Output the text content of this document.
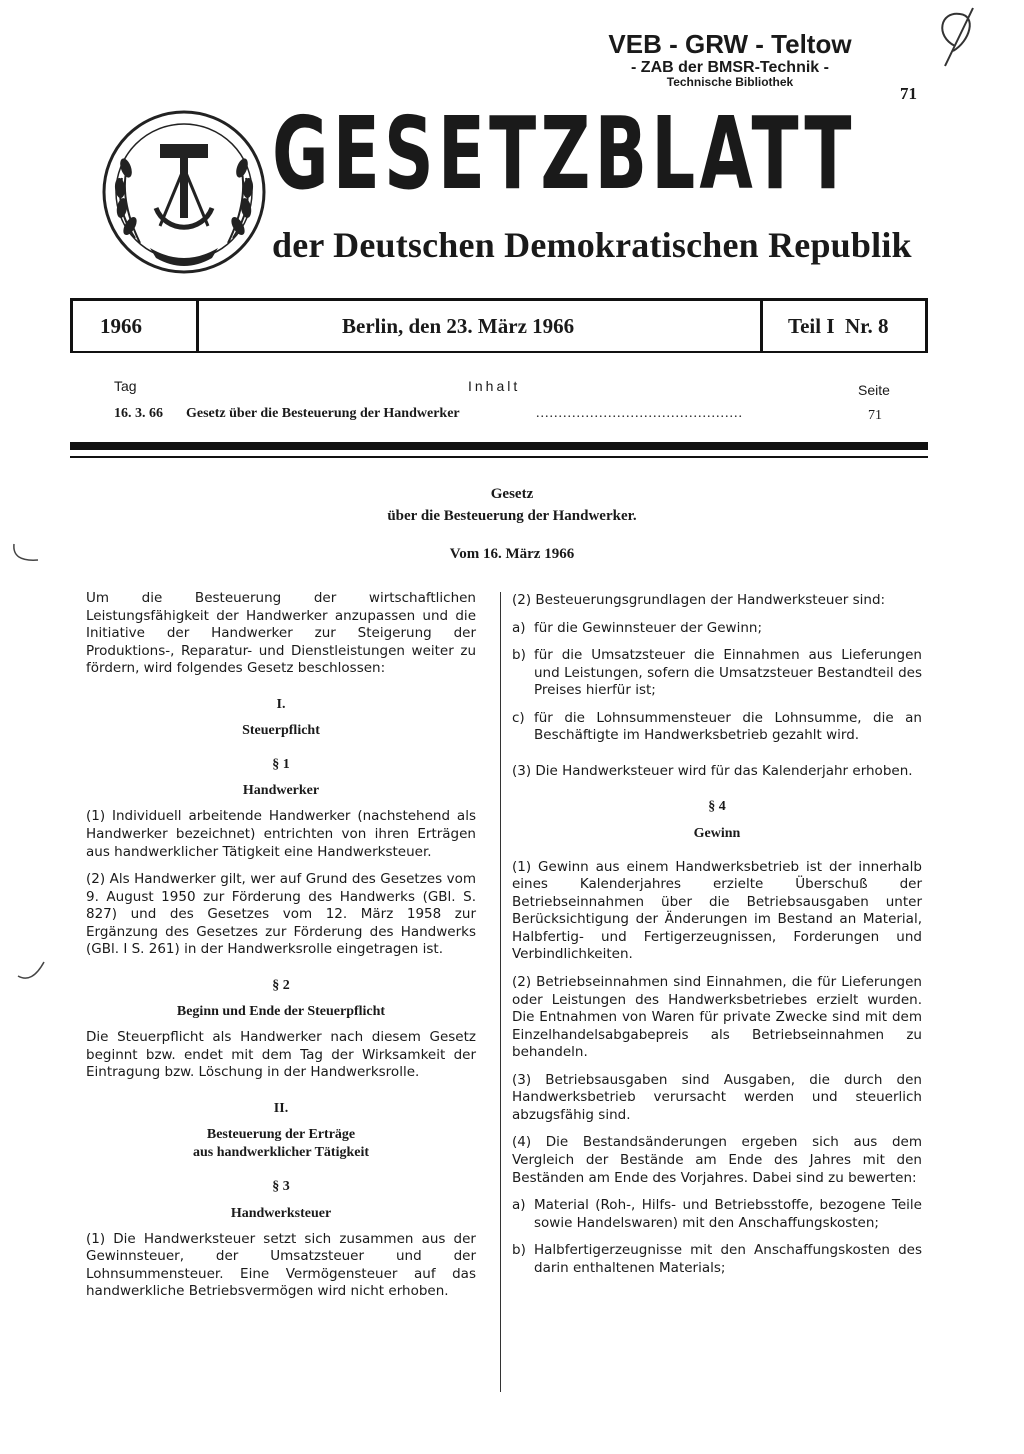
VEB - GRW - Teltow
- ZAB der BMSR-Technik -
Technische Bibliothek
71
GESETZBLATT
der Deutschen Demokratischen Republik
1966	Berlin, den 23. März 1966	Teil I  Nr. 8
Tag	Inhalt	Seite
16. 3. 66 Gesetz über die Besteuerung der Handwerker	..............................................	71
Gesetz
über die Besteuerung der Handwerker.
Vom 16. März 1966

Um die Besteuerung der wirtschaftlichen Leistungsfähigkeit der Handwerker anzupassen und die Initiative der Handwerker zur Steigerung der Produktions-, Reparatur- und Dienstleistungen weiter zu fördern, wird folgendes Gesetz beschlossen:

I.
Steuerpflicht
§ 1
Handwerker

(1) Individuell arbeitende Handwerker (nachstehend als Handwerker bezeichnet) entrichten von ihren Erträgen aus handwerklicher Tätigkeit eine Handwerksteuer.

(2) Als Handwerker gilt, wer auf Grund des Gesetzes vom 9. August 1950 zur Förderung des Handwerks (GBl. S. 827) und des Gesetzes vom 12. März 1958 zur Ergänzung des Gesetzes zur Förderung des Handwerks (GBl. I S. 261) in der Handwerksrolle eingetragen ist.

§ 2
Beginn und Ende der Steuerpflicht

Die Steuerpflicht als Handwerker nach diesem Gesetz beginnt bzw. endet mit dem Tag der Wirksamkeit der Eintragung bzw. Löschung in der Handwerksrolle.

II.
Besteuerung der Erträge
aus handwerklicher Tätigkeit
§ 3
Handwerksteuer

(1) Die Handwerksteuer setzt sich zusammen aus der Gewinnsteuer, der Umsatzsteuer und der Lohnsummensteuer. Eine Vermögensteuer auf das handwerkliche Betriebsvermögen wird nicht erhoben.

(2) Besteuerungsgrundlagen der Handwerksteuer sind:

a) für die Gewinnsteuer der Gewinn;
b) für die Umsatzsteuer die Einnahmen aus Lieferungen und Leistungen, sofern die Umsatzsteuer Bestandteil des Preises hierfür ist;
c) für die Lohnsummensteuer die Lohnsumme, die an Beschäftigte im Handwerksbetrieb gezahlt wird.

(3) Die Handwerksteuer wird für das Kalenderjahr erhoben.

§ 4
Gewinn

(1) Gewinn aus einem Handwerksbetrieb ist der innerhalb eines Kalenderjahres erzielte Überschuß der Betriebseinnahmen über die Betriebsausgaben unter Berücksichtigung der Änderungen im Bestand an Material, Halbfertig- und Fertigerzeugnissen, Forderungen und Verbindlichkeiten.

(2) Betriebseinnahmen sind Einnahmen, die für Lieferungen oder Leistungen des Handwerksbetriebes erzielt wurden. Die Entnahmen von Waren für private Zwecke sind mit dem Einzelhandelsabgabepreis als Betriebseinnahmen zu behandeln.

(3) Betriebsausgaben sind Ausgaben, die durch den Handwerksbetrieb verursacht werden und steuerlich abzugsfähig sind.

(4) Die Bestandsänderungen ergeben sich aus dem Vergleich der Bestände am Ende des Jahres mit den Beständen am Ende des Vorjahres. Dabei sind zu bewerten:

a) Material (Roh-, Hilfs- und Betriebsstoffe, bezogene Teile sowie Handelswaren) mit den Anschaffungskosten;
b) Halbfertigerzeugnisse mit den Anschaffungskosten des darin enthaltenen Materials;
